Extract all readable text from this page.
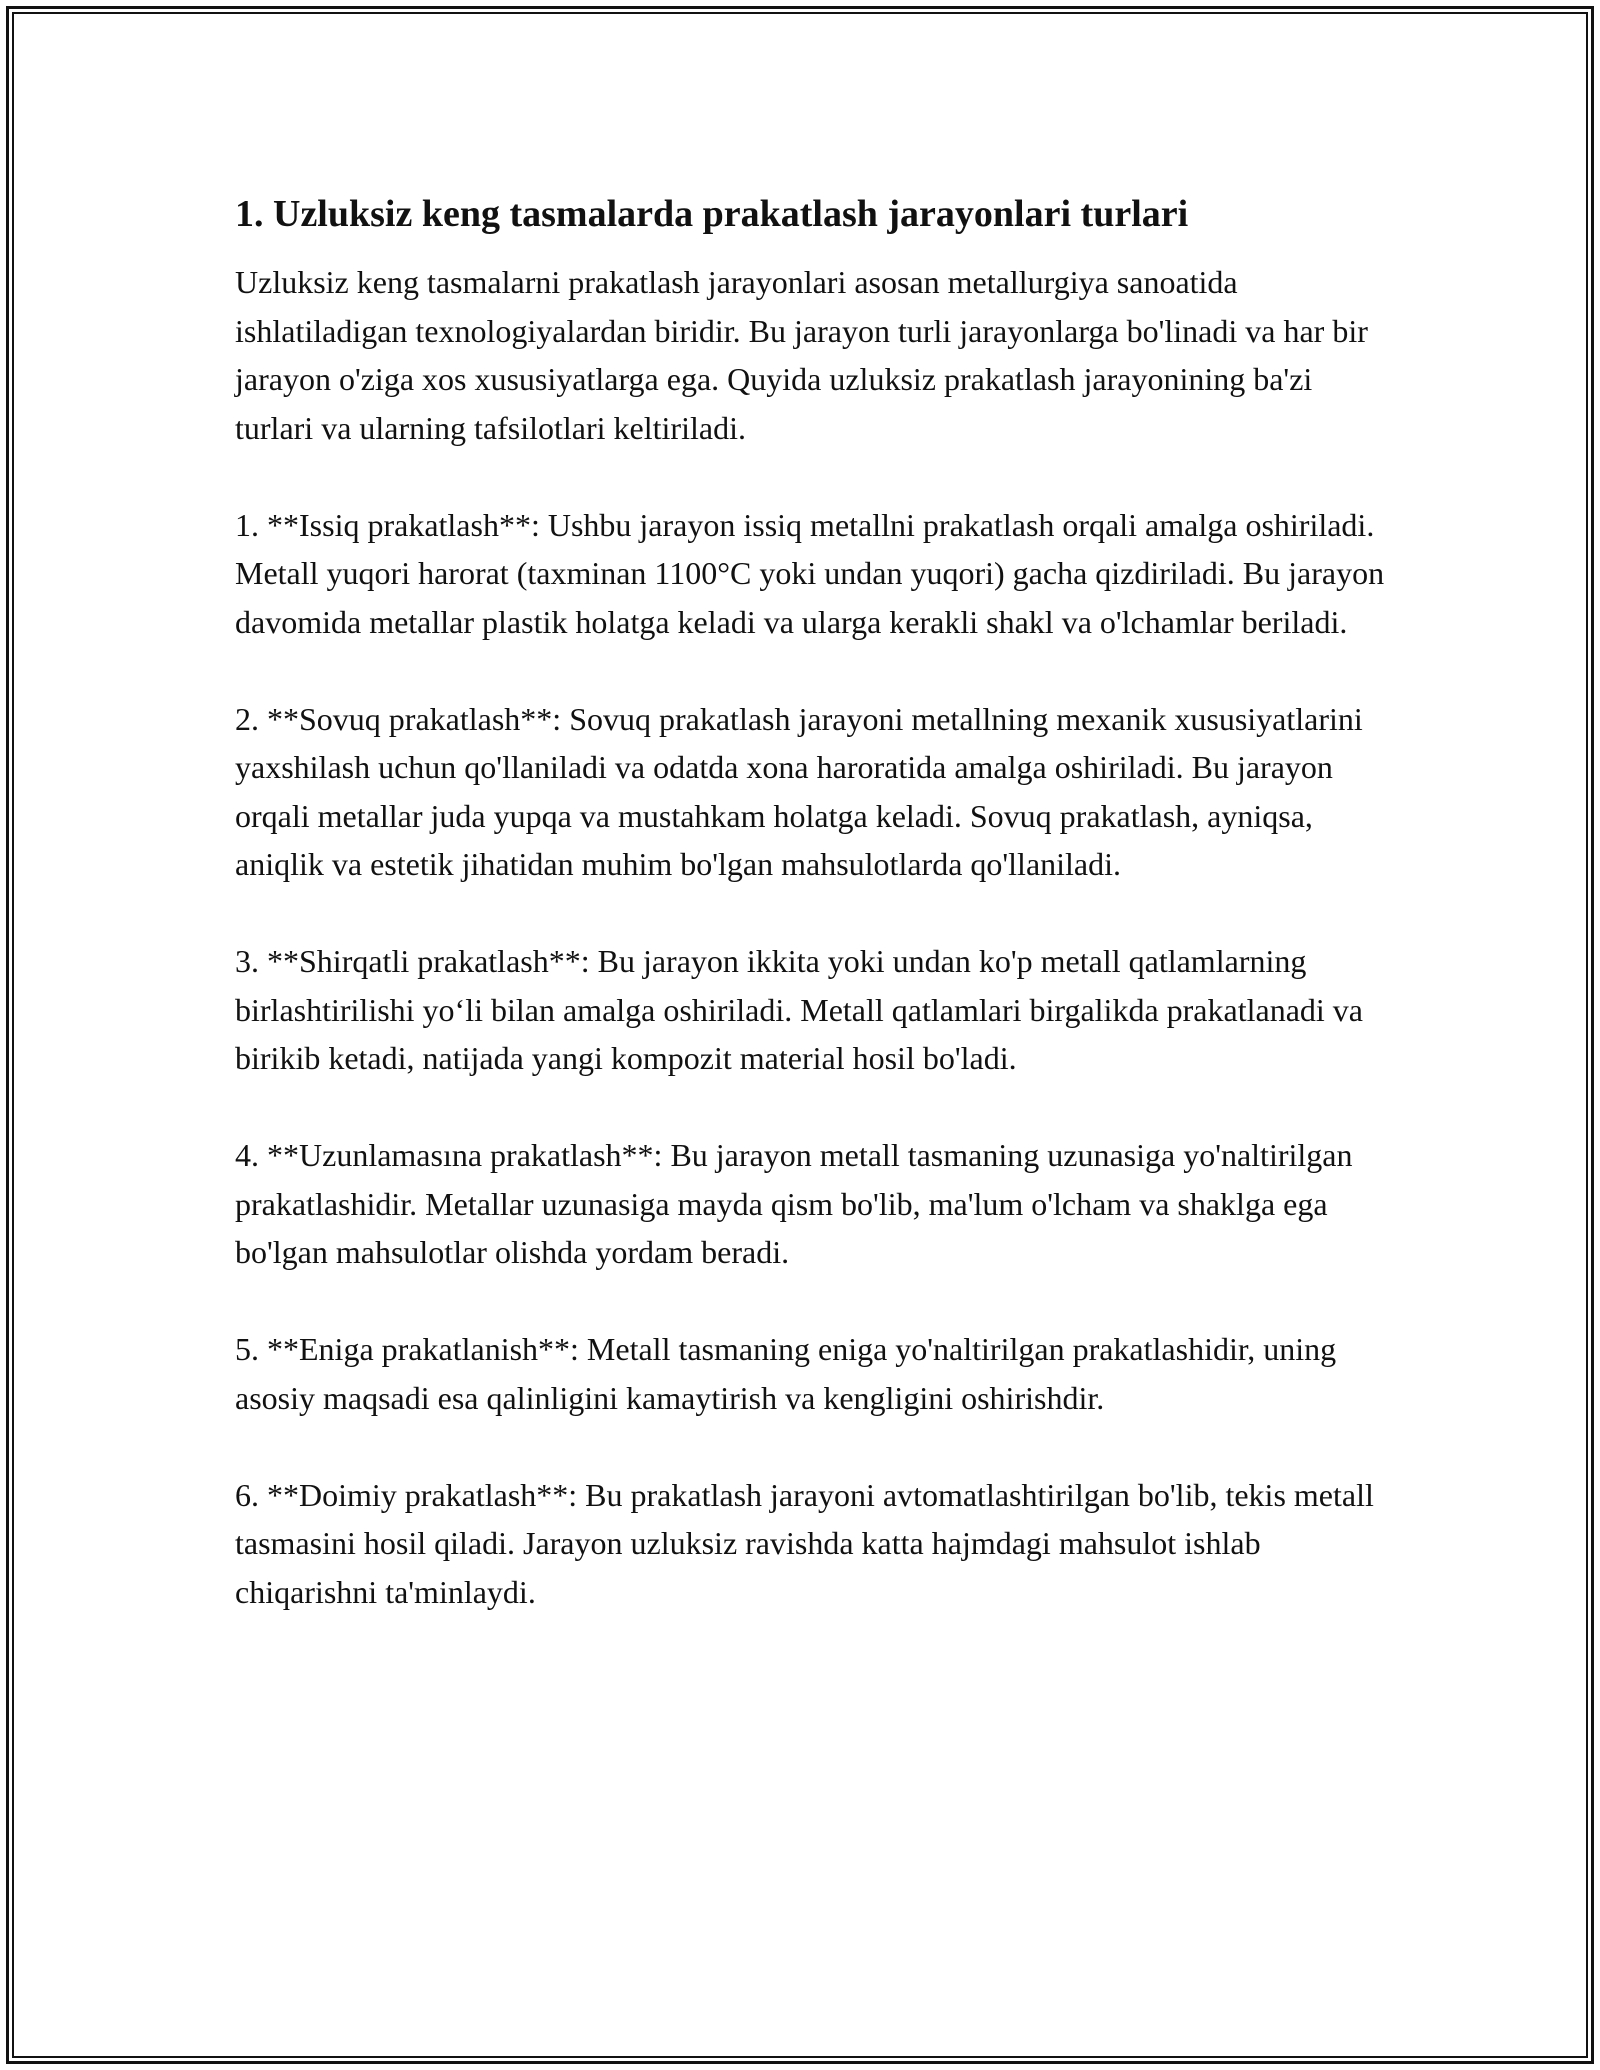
1. Uzluksiz keng tasmalarda prakatlash jarayonlari turlari

Uzluksiz keng tasmalarni prakatlash jarayonlari asosan metallurgiya sanoatida ishlatiladigan texnologiyalardan biridir. Bu jarayon turli jarayonlarga bo'linadi va har bir jarayon o'ziga xos xususiyatlarga ega. Quyida uzluksiz prakatlash jarayonining ba'zi turlari va ularning tafsilotlari keltiriladi.

1. **Issiq prakatlash**: Ushbu jarayon issiq metallni prakatlash orqali amalga oshiriladi. Metall yuqori harorat (taxminan 1100°C yoki undan yuqori) gacha qizdiriladi. Bu jarayon davomida metallar plastik holatga keladi va ularga kerakli shakl va o'lchamlar beriladi.

2. **Sovuq prakatlash**: Sovuq prakatlash jarayoni metallning mexanik xususiyatlarini yaxshilash uchun qo'llaniladi va odatda xona haroratida amalga oshiriladi. Bu jarayon orqali metallar juda yupqa va mustahkam holatga keladi. Sovuq prakatlash, ayniqsa, aniqlik va estetik jihatidan muhim bo'lgan mahsulotlarda qo'llaniladi.

3. **Shirqatli prakatlash**: Bu jarayon ikkita yoki undan ko'p metall qatlamlarning birlashtirilishi yo‘li bilan amalga oshiriladi. Metall qatlamlari birgalikda prakatlanadi va birikib ketadi, natijada yangi kompozit material hosil bo'ladi.

4. **Uzunlamasına prakatlash**: Bu jarayon metall tasmaning uzunasiga yo'naltirilgan prakatlashidir. Metallar uzunasiga mayda qism bo'lib, ma'lum o'lcham va shaklga ega bo'lgan mahsulotlar olishda yordam beradi.

5. **Eniga prakatlanish**: Metall tasmaning eniga yo'naltirilgan prakatlashidir, uning asosiy maqsadi esa qalinligini kamaytirish va kengligini oshirishdir.

6. **Doimiy prakatlash**: Bu prakatlash jarayoni avtomatlashtirilgan bo'lib, tekis metall tasmasini hosil qiladi. Jarayon uzluksiz ravishda katta hajmdagi mahsulot ishlab chiqarishni ta'minlaydi.
